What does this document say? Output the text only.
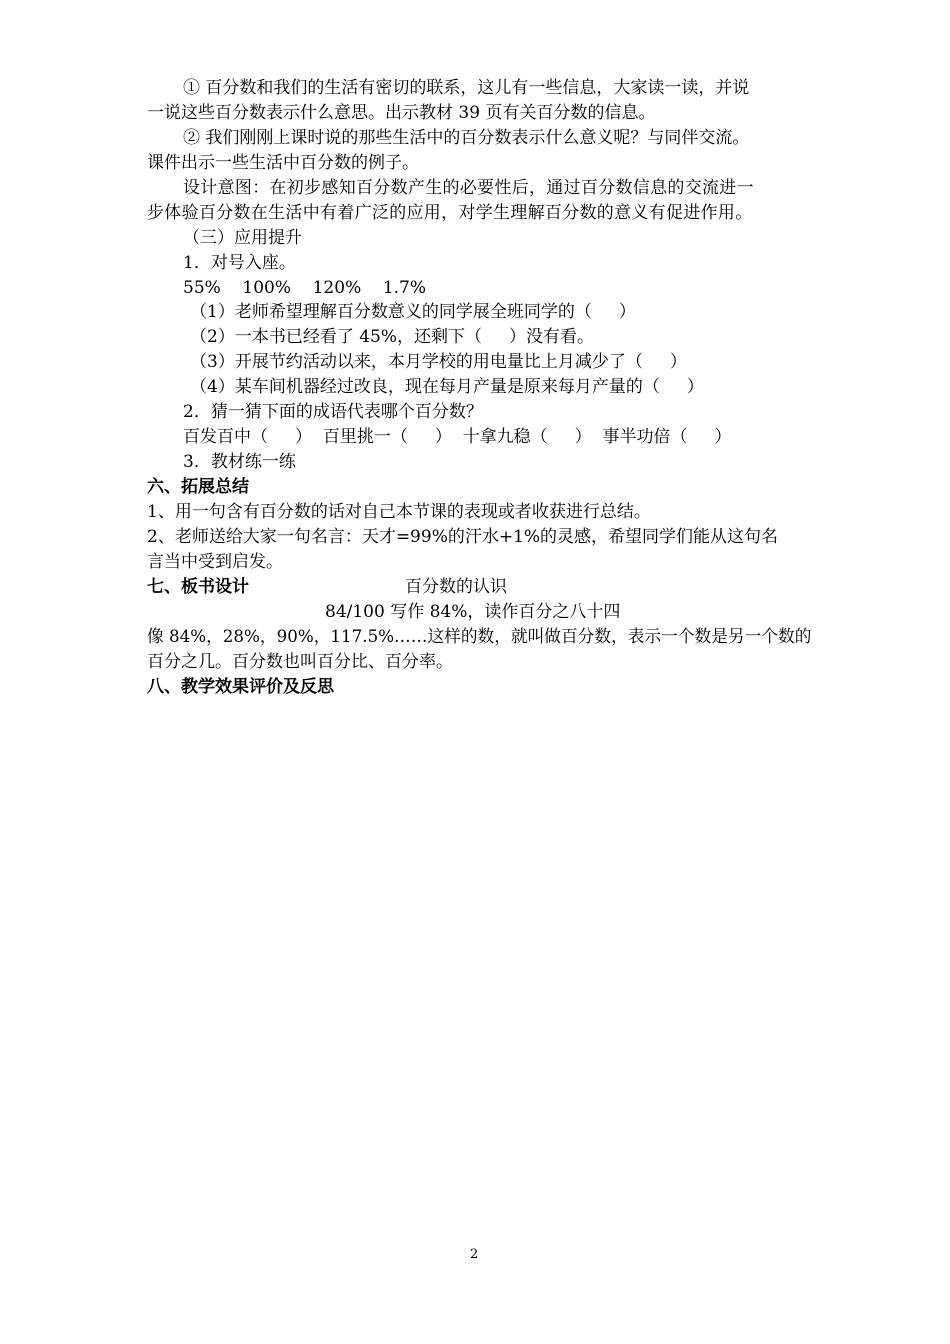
① 百分数和我们的生活有密切的联系，这儿有一些信息，大家读一读，并说
一说这些百分数表示什么意思。出示教材 39 页有关百分数的信息。
② 我们刚刚上课时说的那些生活中的百分数表示什么意义呢？与同伴交流。
课件出示一些生活中百分数的例子。
设计意图：在初步感知百分数产生的必要性后，通过百分数信息的交流进一
步体验百分数在生活中有着广泛的应用，对学生理解百分数的意义有促进作用。
（三）应用提升
1．对号入座。
55%    100%    120%    1.7%
（1）老师希望理解百分数意义的同学展全班同学的（     ）
（2）一本书已经看了 45%，还剩下（     ）没有看。
（3）开展节约活动以来，本月学校的用电量比上月减少了（     ）
（4）某车间机器经过改良，现在每月产量是原来每月产量的（     ）
2．猜一猜下面的成语代表哪个百分数？
百发百中（     ）  百里挑一（     ）  十拿九稳（     ）  事半功倍（     ）
3．教材练一练
六、拓展总结
1、用一句含有百分数的话对自己本节课的表现或者收获进行总结。
2、老师送给大家一句名言：天才=99%的汗水+1%的灵感，希望同学们能从这句名
言当中受到启发。
七、板书设计	百分数的认识
84/100 写作 84%，读作百分之八十四
像 84%，28%，90%，117.5%……这样的数，就叫做百分数，表示一个数是另一个数的
百分之几。百分数也叫百分比、百分率。
八、教学效果评价及反思
2
